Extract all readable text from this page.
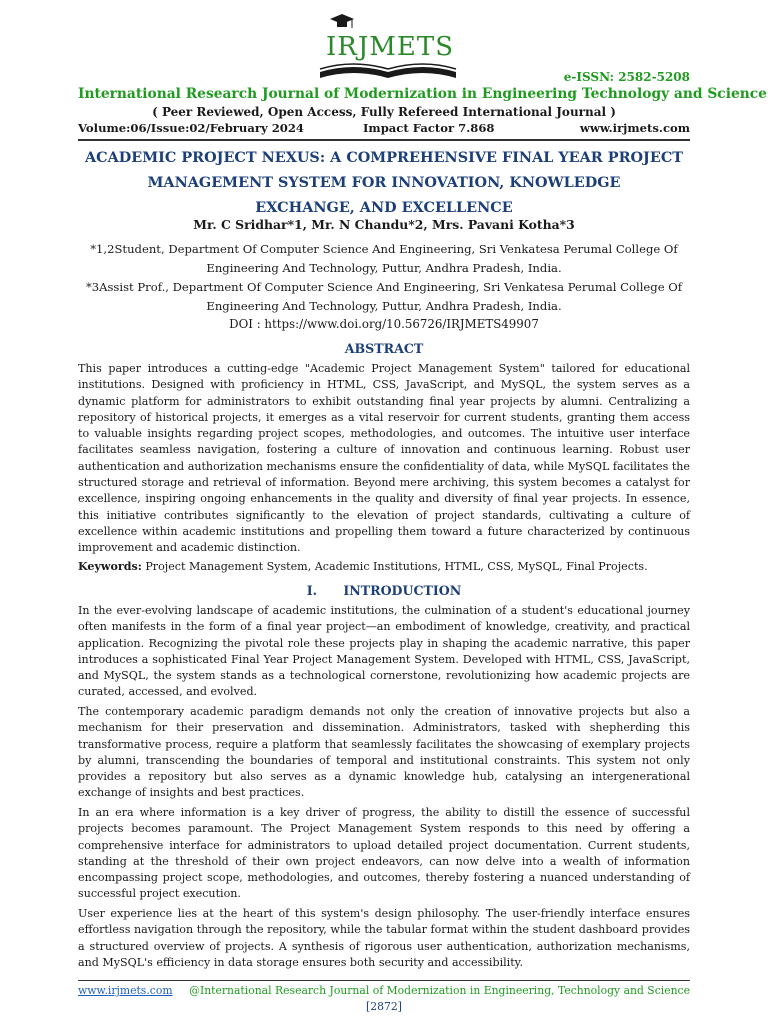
IRJMETS
e-ISSN: 2582-5208
International Research Journal of Modernization in Engineering Technology and Science
( Peer Reviewed, Open Access, Fully Refereed International Journal )
Volume:06/Issue:02/February 2024	Impact Factor 7.868	www.irjmets.com
ACADEMIC PROJECT NEXUS: A COMPREHENSIVE FINAL YEAR PROJECT
MANAGEMENT SYSTEM FOR INNOVATION, KNOWLEDGE
EXCHANGE, AND EXCELLENCE
Mr. C Sridhar*1, Mr. N Chandu*2, Mrs. Pavani Kotha*3
*1,2Student, Department Of Computer Science And Engineering, Sri Venkatesa Perumal College Of
Engineering And Technology, Puttur, Andhra Pradesh, India.
*3Assist Prof., Department Of Computer Science And Engineering, Sri Venkatesa Perumal College Of
Engineering And Technology, Puttur, Andhra Pradesh, India.
DOI : https://www.doi.org/10.56726/IRJMETS49907
ABSTRACT

This paper introduces a cutting-edge "Academic Project Management System" tailored for educational institutions. Designed with proficiency in HTML, CSS, JavaScript, and MySQL, the system serves as a dynamic platform for administrators to exhibit outstanding final year projects by alumni. Centralizing a repository of historical projects, it emerges as a vital reservoir for current students, granting them access to valuable insights regarding project scopes, methodologies, and outcomes. The intuitive user interface facilitates seamless navigation, fostering a culture of innovation and continuous learning. Robust user authentication and authorization mechanisms ensure the confidentiality of data, while MySQL facilitates the structured storage and retrieval of information. Beyond mere archiving, this system becomes a catalyst for excellence, inspiring ongoing enhancements in the quality and diversity of final year projects. In essence, this initiative contributes significantly to the elevation of project standards, cultivating a culture of excellence within academic institutions and propelling them toward a future characterized by continuous improvement and academic distinction.

Keywords: Project Management System, Academic Institutions, HTML, CSS, MySQL, Final Projects.
I.      INTRODUCTION

In the ever-evolving landscape of academic institutions, the culmination of a student's educational journey often manifests in the form of a final year project—an embodiment of knowledge, creativity, and practical application. Recognizing the pivotal role these projects play in shaping the academic narrative, this paper introduces a sophisticated Final Year Project Management System. Developed with HTML, CSS, JavaScript, and MySQL, the system stands as a technological cornerstone, revolutionizing how academic projects are curated, accessed, and evolved.

The contemporary academic paradigm demands not only the creation of innovative projects but also a mechanism for their preservation and dissemination. Administrators, tasked with shepherding this transformative process, require a platform that seamlessly facilitates the showcasing of exemplary projects by alumni, transcending the boundaries of temporal and institutional constraints. This system not only provides a repository but also serves as a dynamic knowledge hub, catalysing an intergenerational exchange of insights and best practices.

In an era where information is a key driver of progress, the ability to distill the essence of successful projects becomes paramount. The Project Management System responds to this need by offering a comprehensive interface for administrators to upload detailed project documentation. Current students, standing at the threshold of their own project endeavors, can now delve into a wealth of information encompassing project scope, methodologies, and outcomes, thereby fostering a nuanced understanding of successful project execution.

User experience lies at the heart of this system's design philosophy. The user-friendly interface ensures effortless navigation through the repository, while the tabular format within the student dashboard provides a structured overview of projects. A synthesis of rigorous user authentication, authorization mechanisms, and MySQL's efficiency in data storage ensures both security and accessibility.

www.irjmets.com @International Research Journal of Modernization in Engineering, Technology and Science
[2872]
